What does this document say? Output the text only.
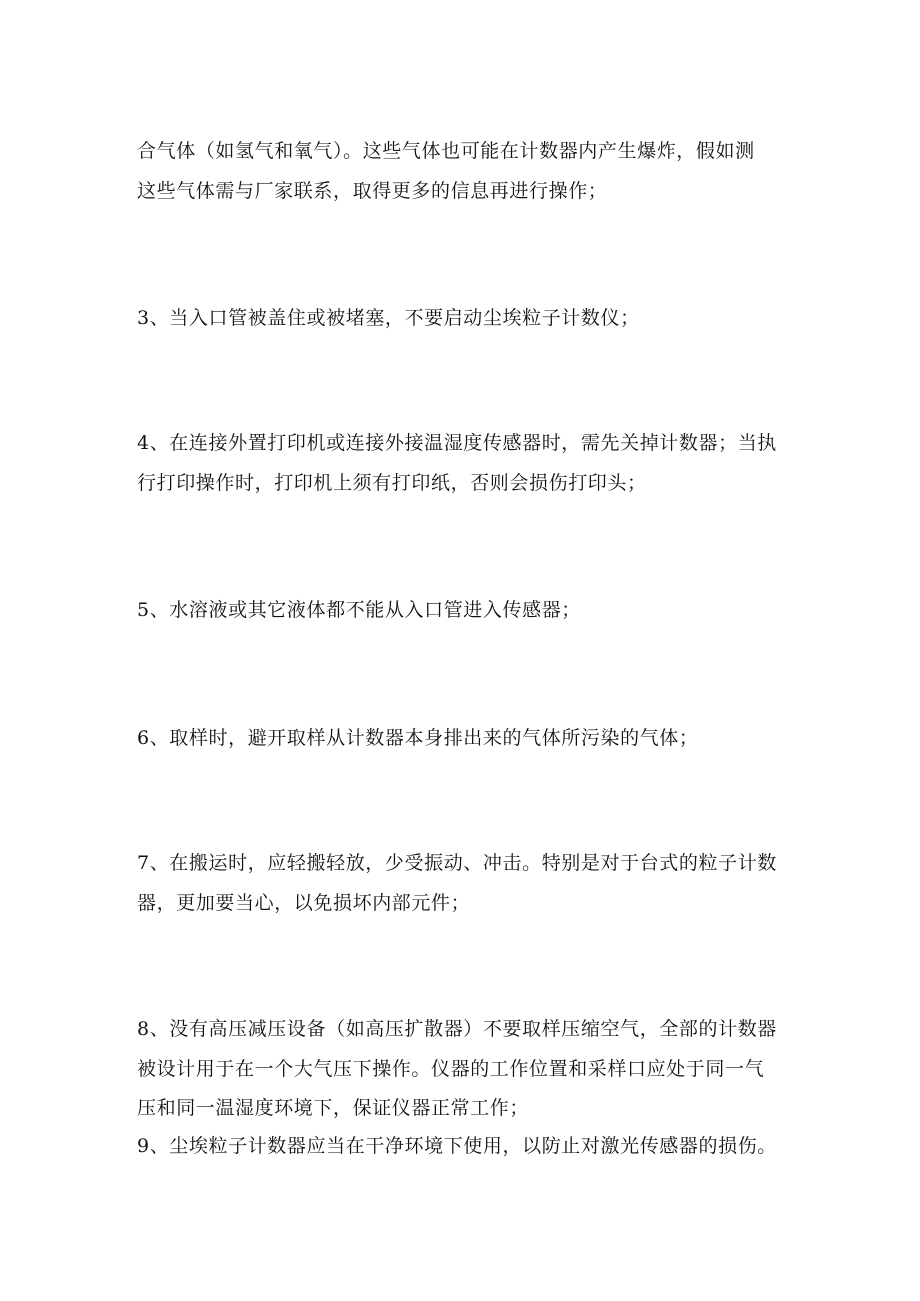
合气体（如氢气和氧气）。这些气体也可能在计数器内产生爆炸，假如测
这些气体需与厂家联系，取得更多的信息再进行操作；
3、当入口管被盖住或被堵塞，不要启动尘埃粒子计数仪；
4、在连接外置打印机或连接外接温湿度传感器时，需先关掉计数器；当执
行打印操作时，打印机上须有打印纸，否则会损伤打印头；
5、水溶液或其它液体都不能从入口管进入传感器；
6、取样时，避开取样从计数器本身排出来的气体所污染的气体；
7、在搬运时，应轻搬轻放，少受振动、冲击。特别是对于台式的粒子计数
器，更加要当心，以免损坏内部元件；
8、没有高压减压设备（如高压扩散器）不要取样压缩空气，全部的计数器
被设计用于在一个大气压下操作。仪器的工作位置和采样口应处于同一气
压和同一温湿度环境下，保证仪器正常工作；
9、尘埃粒子计数器应当在干净环境下使用，以防止对激光传感器的损伤。
